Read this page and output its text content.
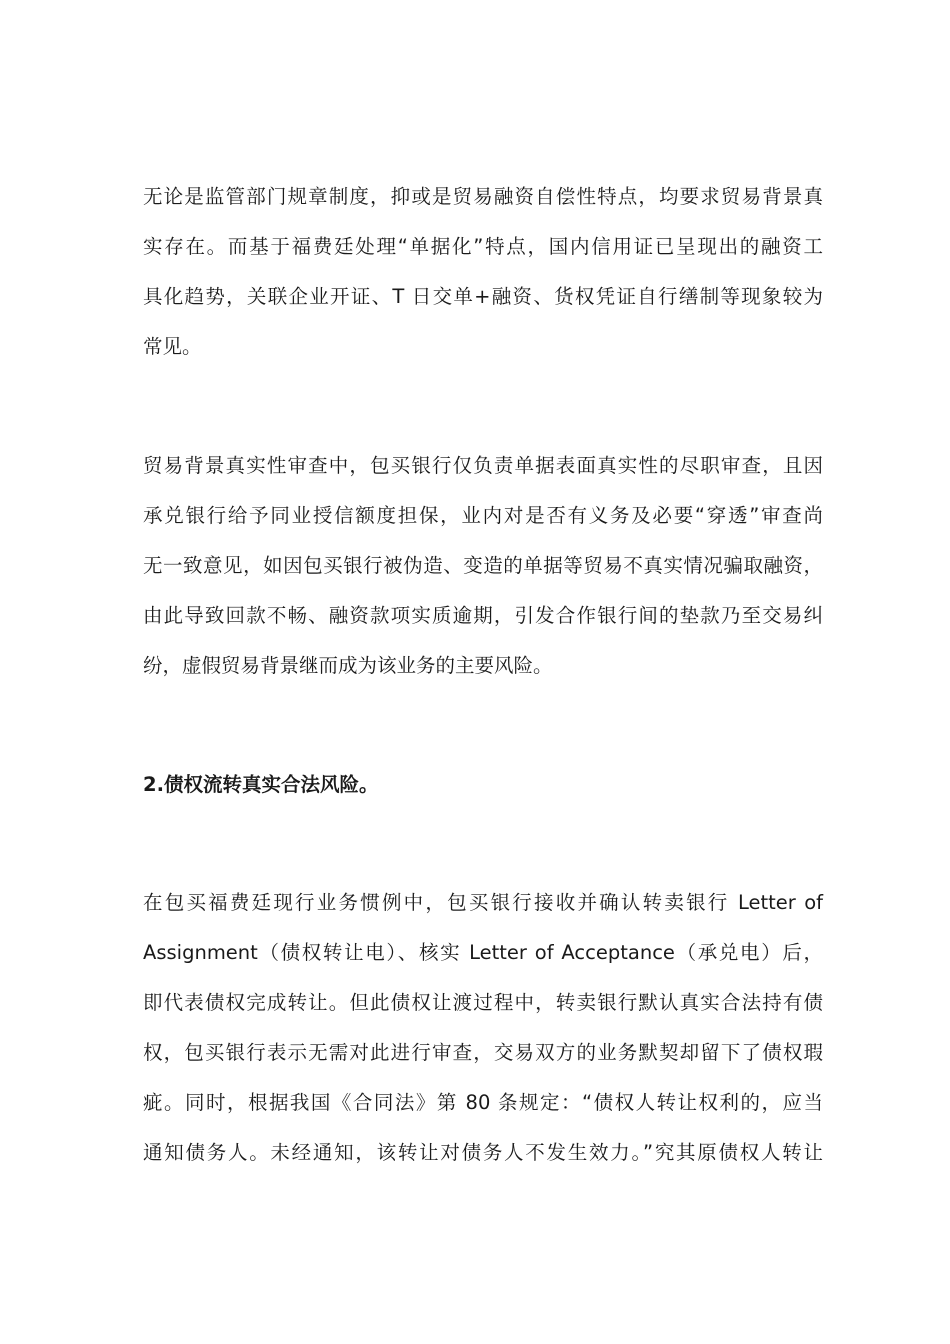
无论是监管部门规章制度，抑或是贸易融资自偿性特点，均要求贸易背景真
实存在。而基于福费廷处理“单据化”特点，国内信用证已呈现出的融资工
具化趋势，关联企业开证、T 日交单+融资、货权凭证自行缮制等现象较为
常见。
贸易背景真实性审查中，包买银行仅负责单据表面真实性的尽职审查，且因
承兑银行给予同业授信额度担保，业内对是否有义务及必要“穿透”审查尚
无一致意见，如因包买银行被伪造、变造的单据等贸易不真实情况骗取融资，
由此导致回款不畅、融资款项实质逾期，引发合作银行间的垫款乃至交易纠
纷，虚假贸易背景继而成为该业务的主要风险。

2.债权流转真实合法风险。

在包买福费廷现行业务惯例中，包买银行接收并确认转卖银行 Letter of
Assignment（债权转让电）、核实 Letter of Acceptance（承兑电）后，
即代表债权完成转让。但此债权让渡过程中，转卖银行默认真实合法持有债
权，包买银行表示无需对此进行审查，交易双方的业务默契却留下了债权瑕
疵。同时，根据我国《合同法》第 80 条规定：“债权人转让权利的，应当
通知债务人。未经通知，该转让对债务人不发生效力。”究其原债权人转让
